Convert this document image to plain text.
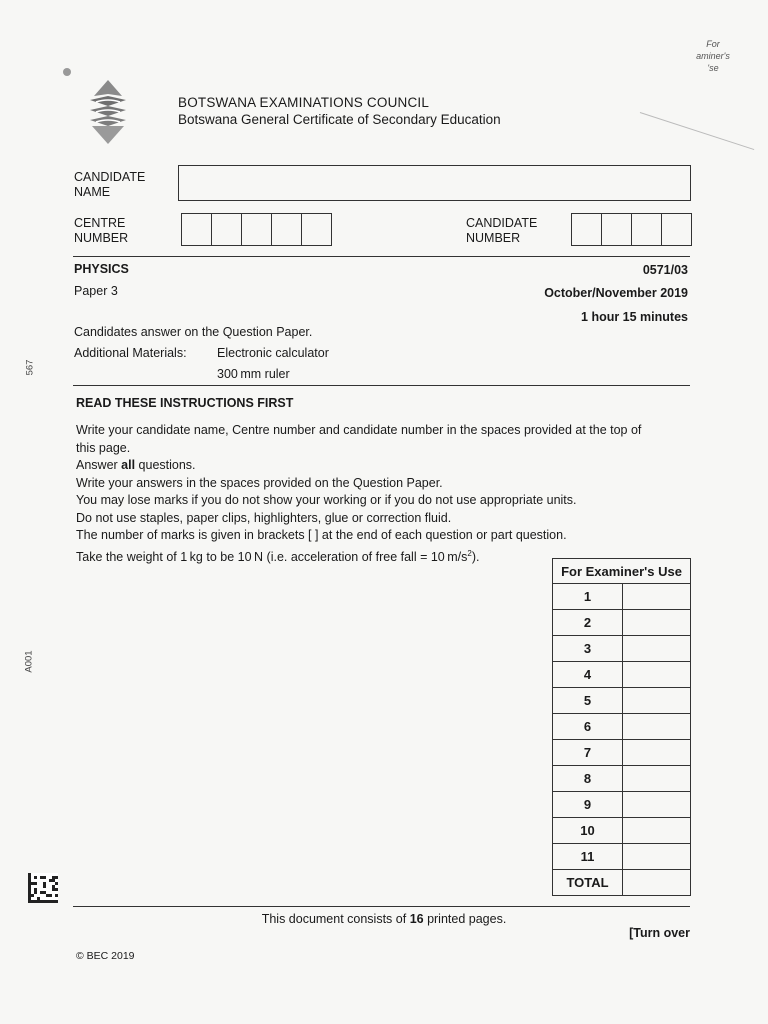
For
aminer's
'se
BOTSWANA EXAMINATIONS COUNCIL
Botswana General Certificate of Secondary Education
CANDIDATE
NAME
CENTRE
NUMBER
CANDIDATE
NUMBER
PHYSICS	0571/03
Paper 3	October/November 2019
1 hour 15 minutes
Candidates answer on the Question Paper.
Additional Materials: Electronic calculator
300 mm ruler
567
A001
READ THESE INSTRUCTIONS FIRST
Write your candidate name, Centre number and candidate number in the spaces provided at the top of
this page.
Answer all questions.
Write your answers in the spaces provided on the Question Paper.
You may lose marks if you do not show your working or if you do not use appropriate units.
Do not use staples, paper clips, highlighters, glue or correction fluid.
The number of marks is given in brackets [ ] at the end of each question or part question.
Take the weight of 1 kg to be 10 N (i.e. acceleration of free fall = 10 $m/s^2$).
For Examiner's Use	
1	
2	
3	
4	
5	
6	
7	
8	
9	
10	
11	
TOTAL	
This document consists of 16 printed pages.
[Turn over
© BEC 2019
